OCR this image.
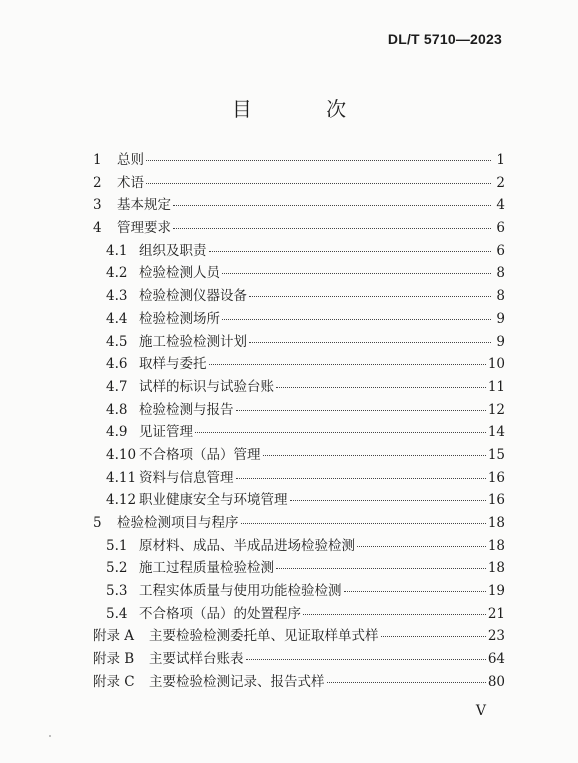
DL/T 5710—2023
目 次
1	总则	1
2	术语	2
3	基本规定	4
4	管理要求	6
4.1 组织及职责	6
4.2 检验检测人员	8
4.3 检验检测仪器设备	8
4.4 检验检测场所	9
4.5 施工检验检测计划	9
4.6 取样与委托	10
4.7 试样的标识与试验台账	11
4.8 检验检测与报告	12
4.9 见证管理	14
4.10 不合格项（品）管理	15
4.11 资料与信息管理	16
4.12 职业健康安全与环境管理	16
5	检验检测项目与程序	18
5.1 原材料、成品、半成品进场检验检测	18
5.2 施工过程质量检验检测	18
5.3 工程实体质量与使用功能检验检测	19
5.4 不合格项（品）的处置程序	21
附录 A	主要检验检测委托单、见证取样单式样	23
附录 B	主要试样台账表	64
附录 C	主要检验检测记录、报告式样	80
V
